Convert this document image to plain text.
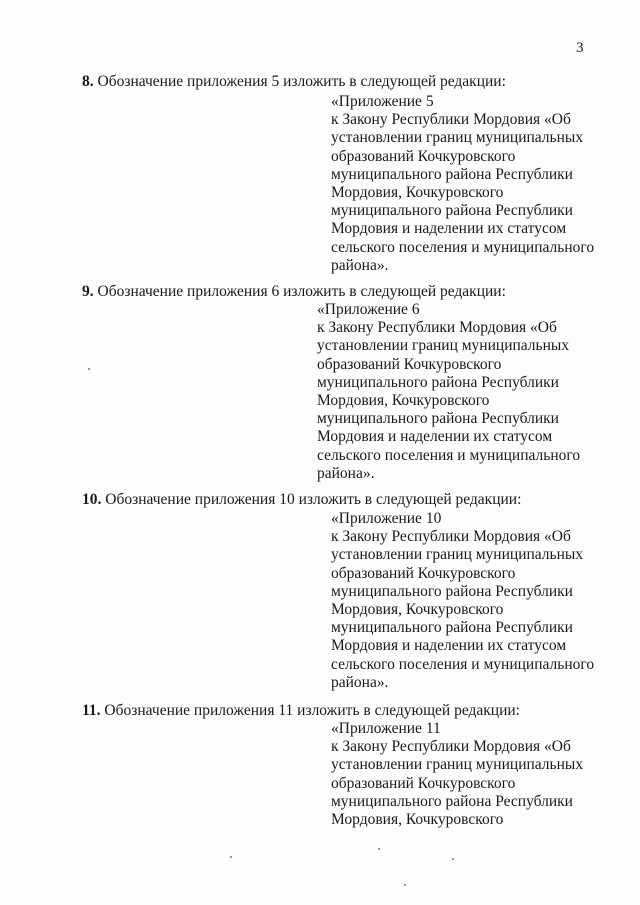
3
8. Обозначение приложения 5 изложить в следующей редакции:
«Приложение 5
к Закону Республики Мордовия «Об
установлении границ муниципальных
образований Кочкуровского
муниципального района Республики
Мордовия, Кочкуровского
муниципального района Республики
Мордовия и наделении их статусом
сельского поселения и муниципального
района».
9. Обозначение приложения 6 изложить в следующей редакции:
«Приложение 6
к Закону Республики Мордовия «Об
установлении границ муниципальных
образований Кочкуровского
муниципального района Республики
Мордовия, Кочкуровского
муниципального района Республики
Мордовия и наделении их статусом
сельского поселения и муниципального
района».
10. Обозначение приложения 10 изложить в следующей редакции:
«Приложение 10
к Закону Республики Мордовия «Об
установлении границ муниципальных
образований Кочкуровского
муниципального района Республики
Мордовия, Кочкуровского
муниципального района Республики
Мордовия и наделении их статусом
сельского поселения и муниципального
района».
11. Обозначение приложения 11 изложить в следующей редакции:
«Приложение 11
к Закону Республики Мордовия «Об
установлении границ муниципальных
образований Кочкуровского
муниципального района Республики
Мордовия, Кочкуровского
